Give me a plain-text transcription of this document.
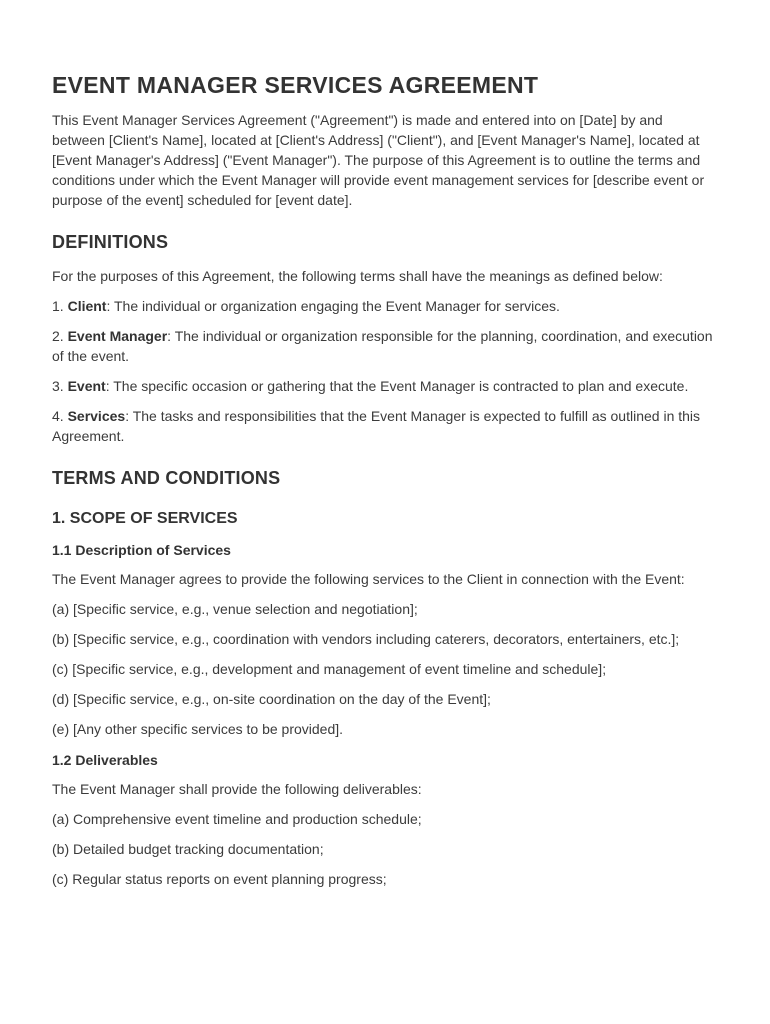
EVENT MANAGER SERVICES AGREEMENT

This Event Manager Services Agreement ("Agreement") is made and entered into on [Date] by and between [Client's Name], located at [Client's Address] ("Client"), and [Event Manager's Name], located at [Event Manager's Address] ("Event Manager"). The purpose of this Agreement is to outline the terms and conditions under which the Event Manager will provide event management services for [describe event or purpose of the event] scheduled for [event date].

DEFINITIONS

For the purposes of this Agreement, the following terms shall have the meanings as defined below:

1. Client: The individual or organization engaging the Event Manager for services.

2. Event Manager: The individual or organization responsible for the planning, coordination, and execution of the event.

3. Event: The specific occasion or gathering that the Event Manager is contracted to plan and execute.

4. Services: The tasks and responsibilities that the Event Manager is expected to fulfill as outlined in this Agreement.

TERMS AND CONDITIONS
1. SCOPE OF SERVICES
1.1 Description of Services

The Event Manager agrees to provide the following services to the Client in connection with the Event:

(a) [Specific service, e.g., venue selection and negotiation];

(b) [Specific service, e.g., coordination with vendors including caterers, decorators, entertainers, etc.];

(c) [Specific service, e.g., development and management of event timeline and schedule];

(d) [Specific service, e.g., on-site coordination on the day of the Event];

(e) [Any other specific services to be provided].

1.2 Deliverables

The Event Manager shall provide the following deliverables:

(a) Comprehensive event timeline and production schedule;

(b) Detailed budget tracking documentation;

(c) Regular status reports on event planning progress;
